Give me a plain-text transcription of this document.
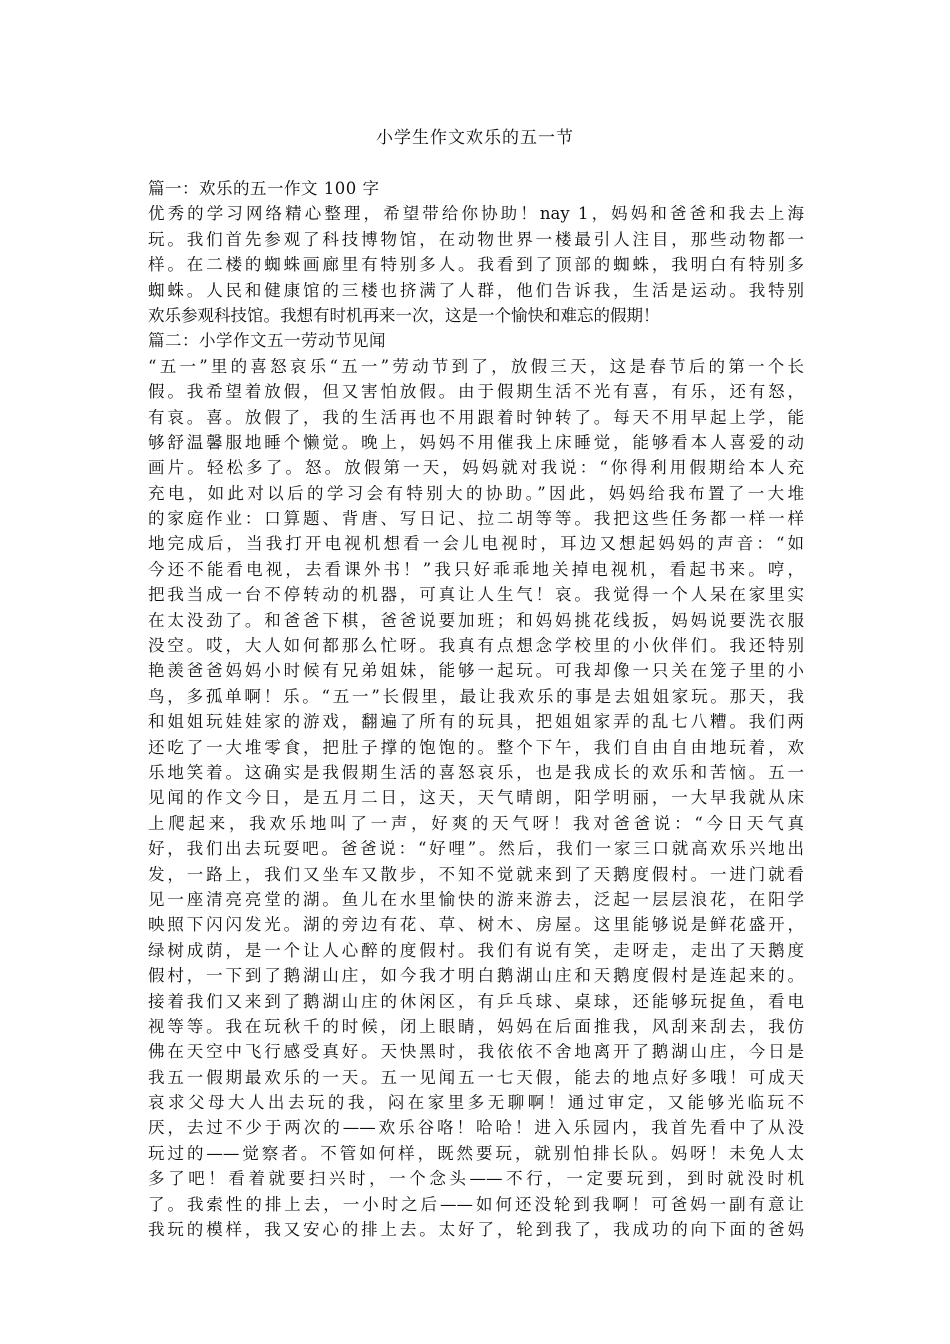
小学生作文欢乐的五一节
篇一：欢乐的五一作文 100 字
优秀的学习网络精心整理，希望带给你协助！nay 1，妈妈和爸爸和我去上海
玩。我们首先参观了科技博物馆，在动物世界一楼最引人注目，那些动物都一
样。在二楼的蜘蛛画廊里有特别多人。我看到了顶部的蜘蛛，我明白有特别多
蜘蛛。人民和健康馆的三楼也挤满了人群，他们告诉我，生活是运动。我特别
欢乐参观科技馆。我想有时机再来一次，这是一个愉快和难忘的假期！
篇二：小学作文五一劳动节见闻
“五一”里的喜怒哀乐“五一”劳动节到了，放假三天，这是春节后的第一个长
假。我希望着放假，但又害怕放假。由于假期生活不光有喜，有乐，还有怒，
有哀。喜。放假了，我的生活再也不用跟着时钟转了。每天不用早起上学，能
够舒温馨服地睡个懒觉。晚上，妈妈不用催我上床睡觉，能够看本人喜爱的动
画片。轻松多了。怒。放假第一天，妈妈就对我说：“你得利用假期给本人充
充电，如此对以后的学习会有特别大的协助。”因此，妈妈给我布置了一大堆
的家庭作业：口算题、背唐、写日记、拉二胡等等。我把这些任务都一样一样
地完成后，当我打开电视机想看一会儿电视时，耳边又想起妈妈的声音：“如
今还不能看电视，去看课外书！”我只好乖乖地关掉电视机，看起书来。哼，
把我当成一台不停转动的机器，可真让人生气！哀。我觉得一个人呆在家里实
在太没劲了。和爸爸下棋，爸爸说要加班；和妈妈挑花线扳，妈妈说要洗衣服
没空。哎，大人如何都那么忙呀。我真有点想念学校里的小伙伴们。我还特别
艳羡爸爸妈妈小时候有兄弟姐妹，能够一起玩。可我却像一只关在笼子里的小
鸟，多孤单啊！乐。“五一”长假里，最让我欢乐的事是去姐姐家玩。那天，我
和姐姐玩娃娃家的游戏，翻遍了所有的玩具，把姐姐家弄的乱七八糟。我们两
还吃了一大堆零食，把肚子撑的饱饱的。整个下午，我们自由自由地玩着，欢
乐地笑着。这确实是我假期生活的喜怒哀乐，也是我成长的欢乐和苦恼。五一
见闻的作文今日，是五月二日，这天，天气晴朗，阳学明丽，一大早我就从床
上爬起来，我欢乐地叫了一声，好爽的天气呀！我对爸爸说：“今日天气真
好，我们出去玩耍吧。爸爸说：“好哩”。然后，我们一家三口就高欢乐兴地出
发，一路上，我们又坐车又散步，不知不觉就来到了天鹅度假村。一进门就看
见一座清亮亮堂的湖。鱼儿在水里愉快的游来游去，泛起一层层浪花，在阳学
映照下闪闪发光。湖的旁边有花、草、树木、房屋。这里能够说是鲜花盛开，
绿树成荫，是一个让人心醉的度假村。我们有说有笑，走呀走，走出了天鹅度
假村，一下到了鹅湖山庄，如今我才明白鹅湖山庄和天鹅度假村是连起来的。
接着我们又来到了鹅湖山庄的休闲区，有乒乓球、桌球，还能够玩捉鱼，看电
视等等。我在玩秋千的时候，闭上眼睛，妈妈在后面推我，风刮来刮去，我仿
佛在天空中飞行感受真好。天快黑时，我依依不舍地离开了鹅湖山庄，今日是
我五一假期最欢乐的一天。五一见闻五一七天假，能去的地点好多哦！可成天
哀求父母大人出去玩的我，闷在家里多无聊啊！通过审定，又能够光临玩不
厌，去过不少于两次的——欢乐谷咯！哈哈！进入乐园内，我首先看中了从没
玩过的——觉察者。不管如何样，既然要玩，就别怕排长队。妈呀！未免人太
多了吧！看着就要扫兴时，一个念头——不行，一定要玩到，到时就没时机
了。我索性的排上去，一小时之后——如何还没轮到我啊！可爸妈一副有意让
我玩的模样，我又安心的排上去。太好了，轮到我了，我成功的向下面的爸妈
